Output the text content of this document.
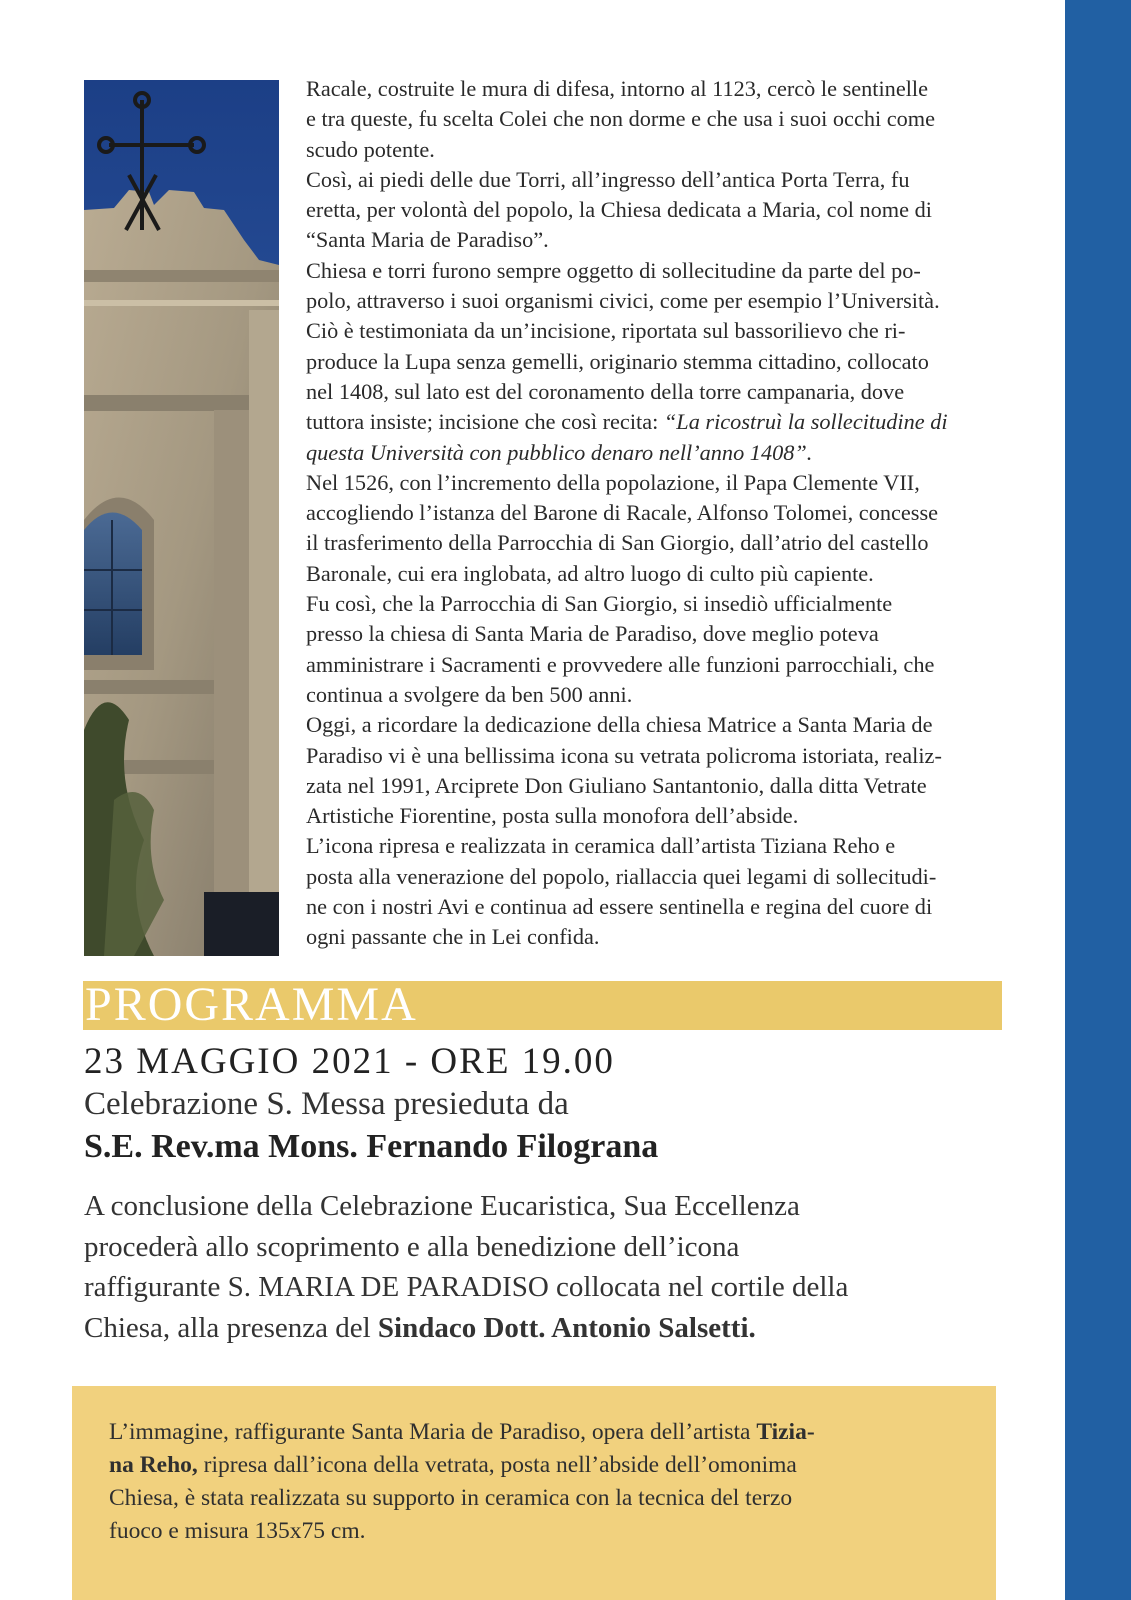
Racale, costruite le mura di difesa, intorno al 1123, cercò le sentinelle

e tra queste, fu scelta Colei che non dorme e che usa i suoi occhi come

scudo potente.

Così, ai piedi delle due Torri, all’ingresso dell’antica Porta Terra, fu

eretta, per volontà del popolo, la Chiesa dedicata a Maria, col nome di

“Santa Maria de Paradiso”.

Chiesa e torri furono sempre oggetto di sollecitudine da parte del po-

polo, attraverso i suoi organismi civici, come per esempio l’Università.

Ciò è testimoniata da un’incisione, riportata sul bassorilievo che ri-

produce la Lupa senza gemelli, originario stemma cittadino, collocato

nel 1408, sul lato est del coronamento della torre campanaria, dove

tuttora insiste; incisione che così recita: “La ricostruì la sollecitudine di

questa Università con pubblico denaro nell’anno 1408”.

Nel 1526, con l’incremento della popolazione, il Papa Clemente VII,

accogliendo l’istanza del Barone di Racale, Alfonso Tolomei, concesse

il trasferimento della Parrocchia di San Giorgio, dall’atrio del castello

Baronale, cui era inglobata, ad altro luogo di culto più capiente.

Fu così, che la Parrocchia di San Giorgio, si insediò ufficialmente

presso la chiesa di Santa Maria de Paradiso, dove meglio poteva

amministrare i Sacramenti e provvedere alle funzioni parrocchiali, che

continua a svolgere da ben 500 anni.

Oggi, a ricordare la dedicazione della chiesa Matrice a Santa Maria de

Paradiso vi è una bellissima icona su vetrata policroma istoriata, realiz-

zata nel 1991, Arciprete Don Giuliano Santantonio, dalla ditta Vetrate

Artistiche Fiorentine, posta sulla monofora dell’abside.

L’icona ripresa e realizzata in ceramica dall’artista Tiziana Reho e

posta alla venerazione del popolo, riallaccia quei legami di sollecitudi-

ne con i nostri Avi e continua ad essere sentinella e regina del cuore di

ogni passante che in Lei confida.

PROGRAMMA
23 MAGGIO 2021 - ORE 19.00
Celebrazione S. Messa presieduta da
S.E. Rev.ma Mons. Fernando Filograna

A conclusione della Celebrazione Eucaristica, Sua Eccellenza

procederà allo scoprimento e alla benedizione dell’icona

raffigurante S. MARIA DE PARADISO collocata nel cortile della

Chiesa, alla presenza del Sindaco Dott. Antonio Salsetti.

L’immagine, raffigurante Santa Maria de Paradiso, opera dell’artista Tizia-

na Reho, ripresa dall’icona della vetrata, posta nell’abside dell’omonima

Chiesa, è stata realizzata su supporto in ceramica con la tecnica del terzo

fuoco e misura 135x75 cm.
